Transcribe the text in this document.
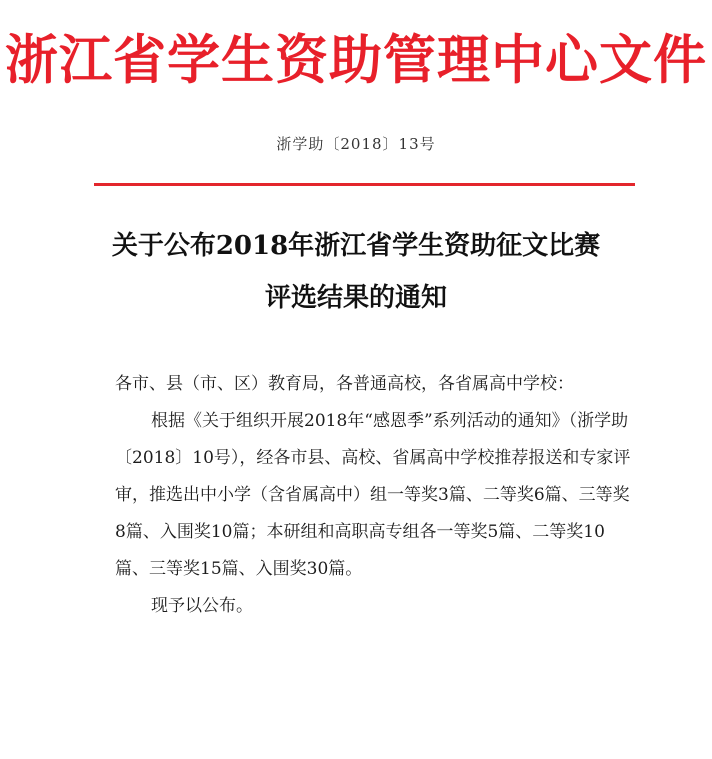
浙江省学生资助管理中心文件
浙学助〔2018〕13号
关于公布2018年浙江省学生资助征文比赛
评选结果的通知

各市、县（市、区）教育局，各普通高校，各省属高中学校：

根据《关于组织开展2018年“感恩季”系列活动的通知》（浙学助〔2018〕10号），经各市县、高校、省属高中学校推荐报送和专家评审，推选出中小学（含省属高中）组一等奖3篇、二等奖6篇、三等奖8篇、入围奖10篇；本研组和高职高专组各一等奖5篇、二等奖10篇、三等奖15篇、入围奖30篇。

现予以公布。
